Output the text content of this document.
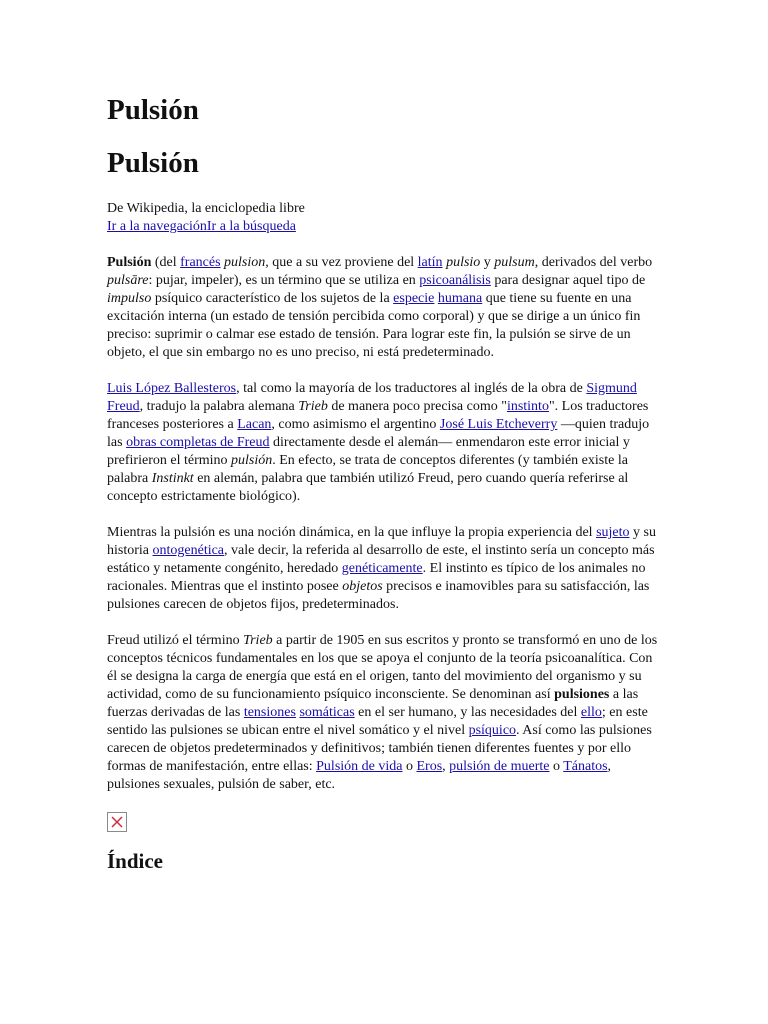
Pulsión
Pulsión
De Wikipedia, la enciclopedia libre
Ir a la navegaciónIr a la búsqueda

Pulsión (del francés pulsion, que a su vez proviene del latín pulsio y pulsum, derivados del verbo pulsāre: pujar, impeler), es un término que se utiliza en psicoanálisis para designar aquel tipo de impulso psíquico característico de los sujetos de la especie humana que tiene su fuente en una excitación interna (un estado de tensión percibida como corporal) y que se dirige a un único fin preciso: suprimir o calmar ese estado de tensión. Para lograr este fin, la pulsión se sirve de un objeto, el que sin embargo no es uno preciso, ni está predeterminado.

Luis López Ballesteros, tal como la mayoría de los traductores al inglés de la obra de Sigmund Freud, tradujo la palabra alemana Trieb de manera poco precisa como "instinto". Los traductores franceses posteriores a Lacan, como asimismo el argentino José Luis Etcheverry —quien tradujo las obras completas de Freud directamente desde el alemán— enmendaron este error inicial y prefirieron el término pulsión. En efecto, se trata de conceptos diferentes (y también existe la palabra Instinkt en alemán, palabra que también utilizó Freud, pero cuando quería referirse al concepto estrictamente biológico).

Mientras la pulsión es una noción dinámica, en la que influye la propia experiencia del sujeto y su historia ontogenética, vale decir, la referida al desarrollo de este, el instinto sería un concepto más estático y netamente congénito, heredado genéticamente. El instinto es típico de los animales no racionales. Mientras que el instinto posee objetos precisos e inamovibles para su satisfacción, las pulsiones carecen de objetos fijos, predeterminados.

Freud utilizó el término Trieb a partir de 1905 en sus escritos y pronto se transformó en uno de los conceptos técnicos fundamentales en los que se apoya el conjunto de la teoría psicoanalítica. Con él se designa la carga de energía que está en el origen, tanto del movimiento del organismo y su actividad, como de su funcionamiento psíquico inconsciente. Se denominan así pulsiones a las fuerzas derivadas de las tensiones somáticas en el ser humano, y las necesidades del ello; en este sentido las pulsiones se ubican entre el nivel somático y el nivel psíquico. Así como las pulsiones carecen de objetos predeterminados y definitivos; también tienen diferentes fuentes y por ello formas de manifestación, entre ellas: Pulsión de vida o Eros, pulsión de muerte o Tánatos, pulsiones sexuales, pulsión de saber, etc.

Índice
